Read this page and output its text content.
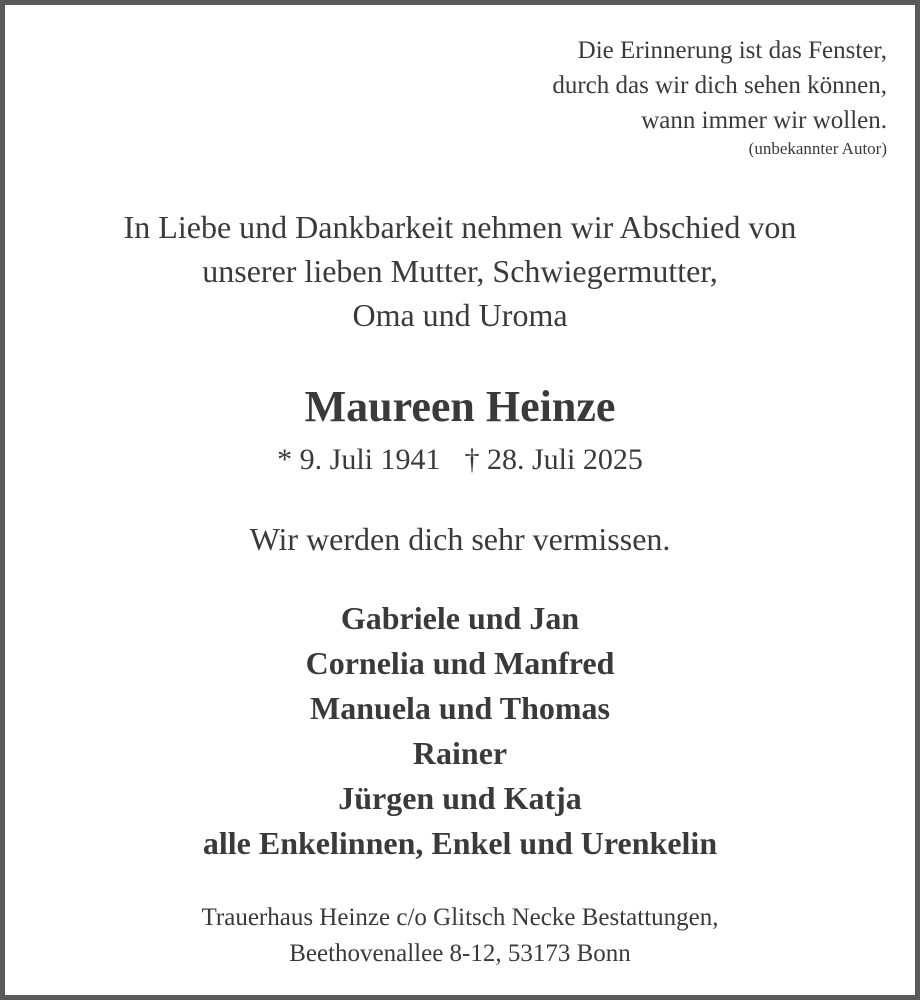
Die Erinnerung ist das Fenster,
durch das wir dich sehen können,
wann immer wir wollen.
(unbekannter Autor)
In Liebe und Dankbarkeit nehmen wir Abschied von
unserer lieben Mutter, Schwiegermutter,
Oma und Uroma
Maureen Heinze
* 9. Juli 1941 † 28. Juli 2025
Wir werden dich sehr vermissen.
Gabriele und Jan
Cornelia und Manfred
Manuela und Thomas
Rainer
Jürgen und Katja
alle Enkelinnen, Enkel und Urenkelin
Trauerhaus Heinze c/o Glitsch Necke Bestattungen,
Beethovenallee 8-12, 53173 Bonn
